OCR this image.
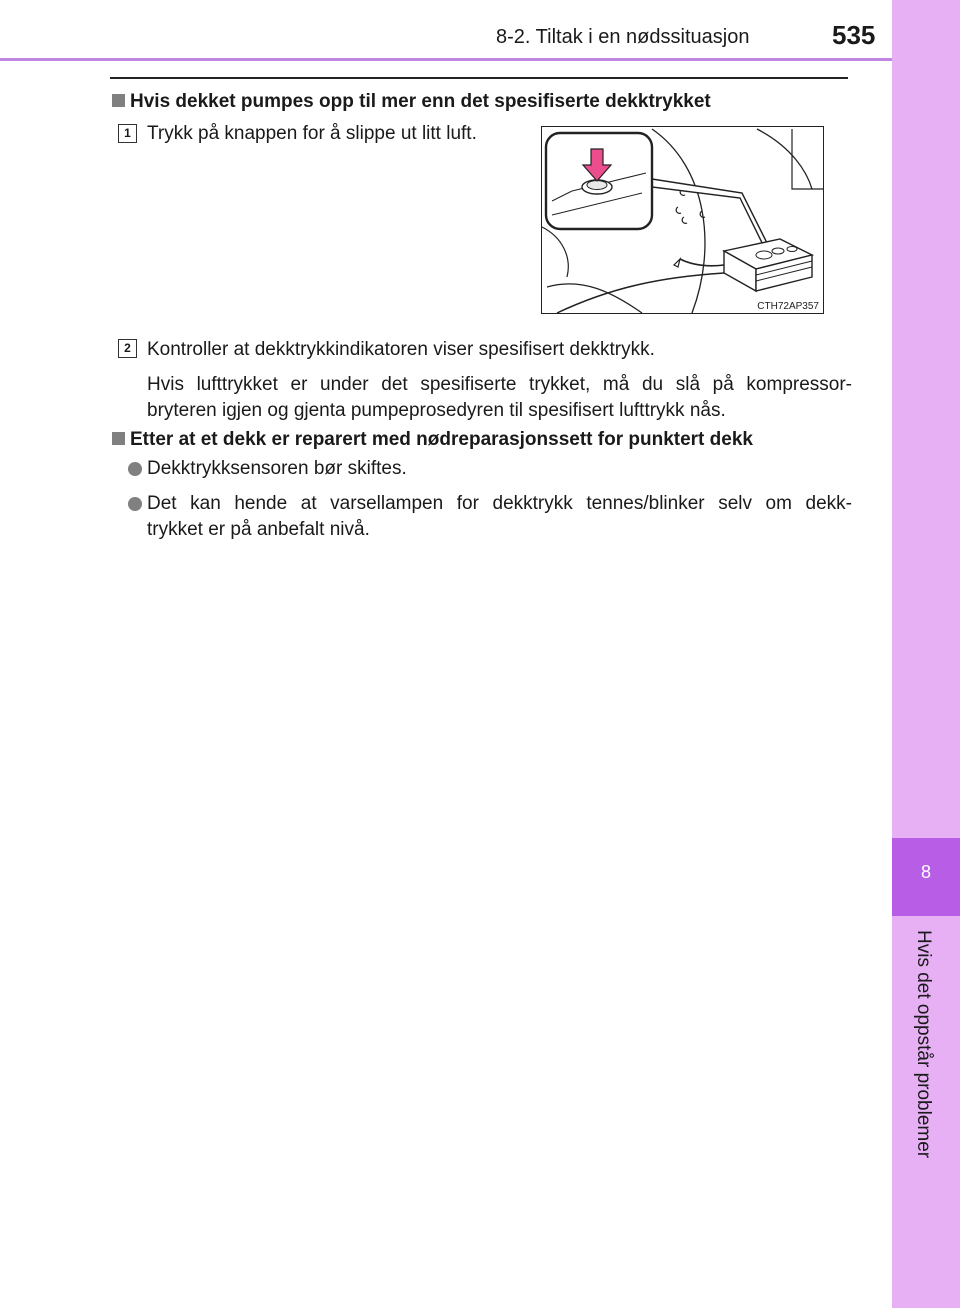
8-2. Tiltak i en nødssituasjon	535
8
Hvis det oppstår problemer
Hvis dekket pumpes opp til mer enn det spesifiserte dekktrykket
1 Trykk på knappen for å slippe ut litt luft.
CTH72AP357
2 Kontroller at dekktrykkindikatoren viser spesifisert dekktrykk.
Hvis lufttrykket er under det spesifiserte trykket, må du slå på kompressor-
bryteren igjen og gjenta pumpeprosedyren til spesifisert lufttrykk nås.
Etter at et dekk er reparert med nødreparasjonssett for punktert dekk
Dekktrykksensoren bør skiftes.
Det kan hende at varsellampen for dekktrykk tennes/blinker selv om dekk-
trykket er på anbefalt nivå.
